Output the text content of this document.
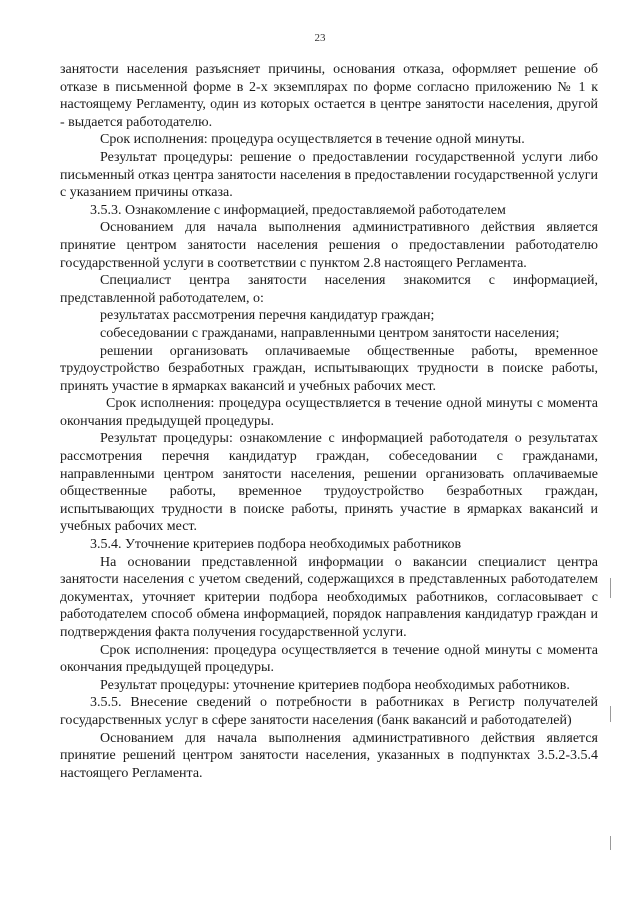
23

занятости населения разъясняет причины, основания отказа, оформляет решение об отказе в письменной форме в 2-х экземплярах по форме согласно приложению № 1 к настоящему Регламенту, один из которых остается в центре занятости населения, другой - выдается работодателю.

Срок исполнения: процедура осуществляется в течение одной минуты.

Результат процедуры: решение о предоставлении государственной услуги либо письменный отказ центра занятости населения в предоставлении государственной услуги с указанием причины отказа.

3.5.3. Ознакомление с информацией, предоставляемой работодателем

Основанием для начала выполнения административного действия является принятие центром занятости населения решения о предоставлении работодателю государственной услуги в соответствии с пунктом 2.8 настоящего Регламента.

Специалист центра занятости населения знакомится с информацией, представленной работодателем, о:

результатах рассмотрения перечня кандидатур граждан;

собеседовании с гражданами, направленными центром занятости населения;

решении организовать оплачиваемые общественные работы, временное трудоустройство безработных граждан, испытывающих трудности в поиске работы, принять участие в ярмарках вакансий и учебных рабочих мест.

Срок исполнения: процедура осуществляется в течение одной минуты с момента окончания предыдущей процедуры.

Результат процедуры: ознакомление с информацией работодателя о результатах рассмотрения перечня кандидатур граждан, собеседовании с гражданами, направленными центром занятости населения, решении организовать оплачиваемые общественные работы, временное трудоустройство безработных граждан, испытывающих трудности в поиске работы, принять участие в ярмарках вакансий и учебных рабочих мест.

3.5.4. Уточнение критериев подбора необходимых работников

На основании представленной информации о вакансии специалист центра занятости населения с учетом сведений, содержащихся в представленных работодателем документах, уточняет критерии подбора необходимых работников, согласовывает с работодателем способ обмена информацией, порядок направления кандидатур граждан и подтверждения факта получения государственной услуги.

Срок исполнения: процедура осуществляется в течение одной минуты с момента окончания предыдущей процедуры.

Результат процедуры: уточнение критериев подбора необходимых работников.

3.5.5. Внесение сведений о потребности в работниках в Регистр получателей государственных услуг в сфере занятости населения (банк вакансий и работодателей)

Основанием для начала выполнения административного действия является принятие решений центром занятости населения, указанных в подпунктах 3.5.2-3.5.4 настоящего Регламента.
